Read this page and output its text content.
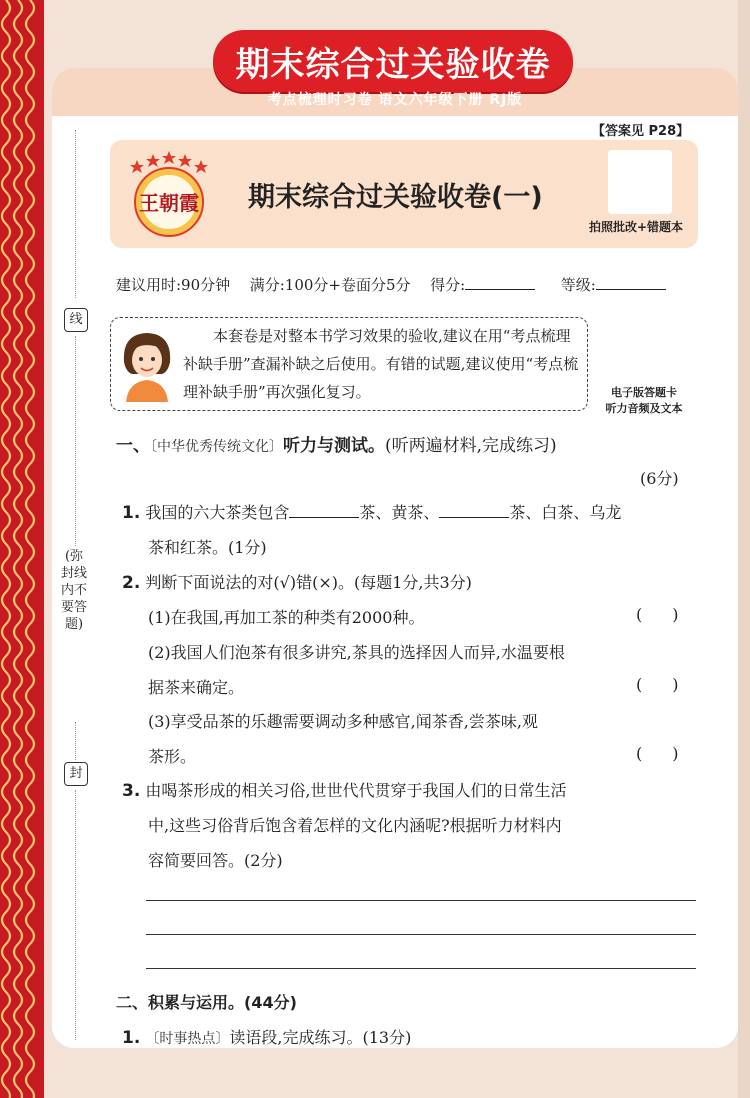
期末综合过关验收卷
考点梳理时习卷 语文六年级下册 RJ版
【答案见 P28】
王朝霞 期末综合过关验收卷(一)
拍照批改+错题本
建议用时:90分钟 满分:100分+卷面分5分 得分:	等级:
本套卷是对整本书学习效果的验收,建议在用“考点梳理补缺手册”查漏补缺之后使用。有错的试题,建议使用“考点梳理补缺手册”再次强化复习。	电子版答题卡
听力音频及文本
线
(弥封线内不要答题)
封
一、〔中华优秀传统文化〕听力与测试。(听两遍材料,完成练习)
(6分)
1. 我国的六大茶类包含	茶、黄茶、	茶、白茶、乌龙
茶和红茶。(1分)
2. 判断下面说法的对(√)错(×)。(每题1分,共3分)
(1)在我国,再加工茶的种类有2000种。	()
(2)我国人们泡茶有很多讲究,茶具的选择因人而异,水温要根
据茶来确定。	()
(3)享受品茶的乐趣需要调动多种感官,闻茶香,尝茶味,观
茶形。	()
3. 由喝茶形成的相关习俗,世世代代贯穿于我国人们的日常生活
中,这些习俗背后饱含着怎样的文化内涵呢?根据听力材料内
容简要回答。(2分)
二、积累与运用。(44分)
1. 〔时事热点〕读语段,完成练习。(13分)
